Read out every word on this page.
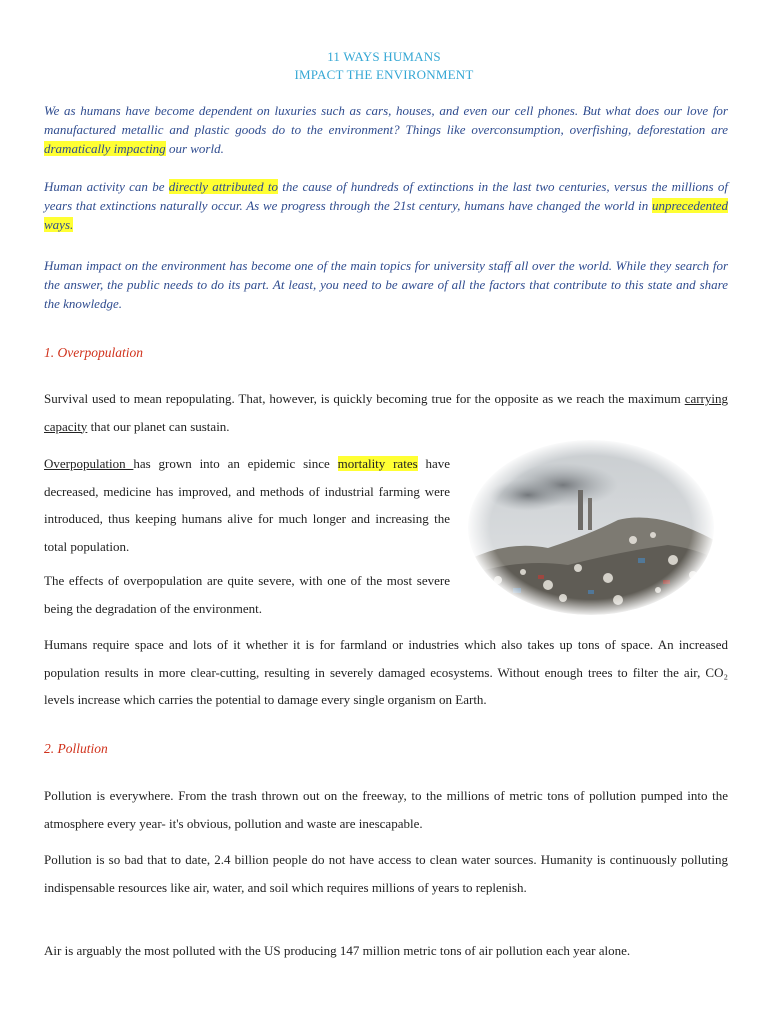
11 WAYS HUMANS
IMPACT THE ENVIRONMENT

We as humans have become dependent on luxuries such as cars, houses, and even our cell phones. But what does our love for manufactured metallic and plastic goods do to the environment? Things like overconsumption, overfishing, deforestation are dramatically impacting our world.

Human activity can be directly attributed to the cause of hundreds of extinctions in the last two centuries, versus the millions of years that extinctions naturally occur. As we progress through the 21st century, humans have changed the world in unprecedented ways.

Human impact on the environment has become one of the main topics for university staff all over the world. While they search for the answer, the public needs to do its part. At least, you need to be aware of all the factors that contribute to this state and share the knowledge.

1. Overpopulation

Survival used to mean repopulating. That, however, is quickly becoming true for the opposite as we reach the maximum carrying capacity that our planet can sustain.

Overpopulation has grown into an epidemic since mortality rates have decreased, medicine has improved, and methods of industrial farming were introduced, thus keeping humans alive for much longer and increasing the total population.

The effects of overpopulation are quite severe, with one of the most severe being the degradation of the environment.

Humans require space and lots of it whether it is for farmland or industries which also takes up tons of space. An increased population results in more clear-cutting, resulting in severely damaged ecosystems. Without enough trees to filter the air, CO₂ levels increase which carries the potential to damage every single organism on Earth.

2. Pollution

Pollution is everywhere. From the trash thrown out on the freeway, to the millions of metric tons of pollution pumped into the atmosphere every year- it's obvious, pollution and waste are inescapable.

Pollution is so bad that to date, 2.4 billion people do not have access to clean water sources. Humanity is continuously polluting indispensable resources like air, water, and soil which requires millions of years to replenish.

Air is arguably the most polluted with the US producing 147 million metric tons of air pollution each year alone.
